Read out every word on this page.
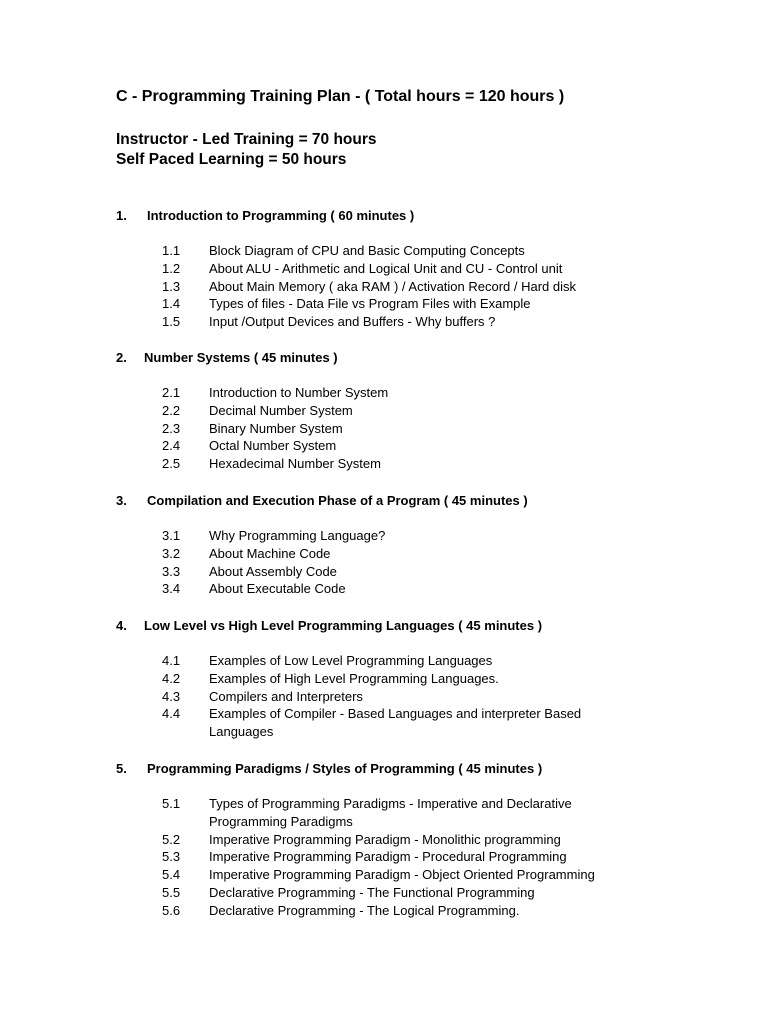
C - Programming Training Plan - ( Total hours = 120 hours )
Instructor - Led Training = 70 hours
Self Paced Learning = 50 hours
1. Introduction to Programming ( 60 minutes )
1.1	Block Diagram of CPU and Basic Computing Concepts
1.2	About ALU - Arithmetic and Logical Unit and CU - Control unit
1.3	About Main Memory ( aka RAM ) / Activation Record / Hard disk
1.4	Types of files - Data File vs Program Files with Example
1.5	Input /Output Devices and Buffers - Why buffers ?
2. Number Systems ( 45 minutes )
2.1	Introduction to Number System
2.2	Decimal Number System
2.3	Binary Number System
2.4	Octal Number System
2.5	Hexadecimal Number System
3. Compilation and Execution Phase of a Program ( 45 minutes )
3.1	Why Programming Language?
3.2	About Machine Code
3.3	About Assembly Code
3.4	About Executable Code
4. Low Level vs High Level Programming Languages ( 45 minutes )
4.1	Examples of Low Level Programming Languages
4.2	Examples of High Level Programming Languages.
4.3	Compilers and Interpreters
4.4	Examples of Compiler - Based Languages and interpreter Based Languages
5. Programming Paradigms / Styles of Programming ( 45 minutes )
5.1	Types of Programming Paradigms - Imperative and Declarative Programming Paradigms
5.2	Imperative Programming Paradigm - Monolithic programming
5.3	Imperative Programming Paradigm - Procedural Programming
5.4	Imperative Programming Paradigm - Object Oriented Programming
5.5	Declarative Programming - The Functional Programming
5.6	Declarative Programming - The Logical Programming.
